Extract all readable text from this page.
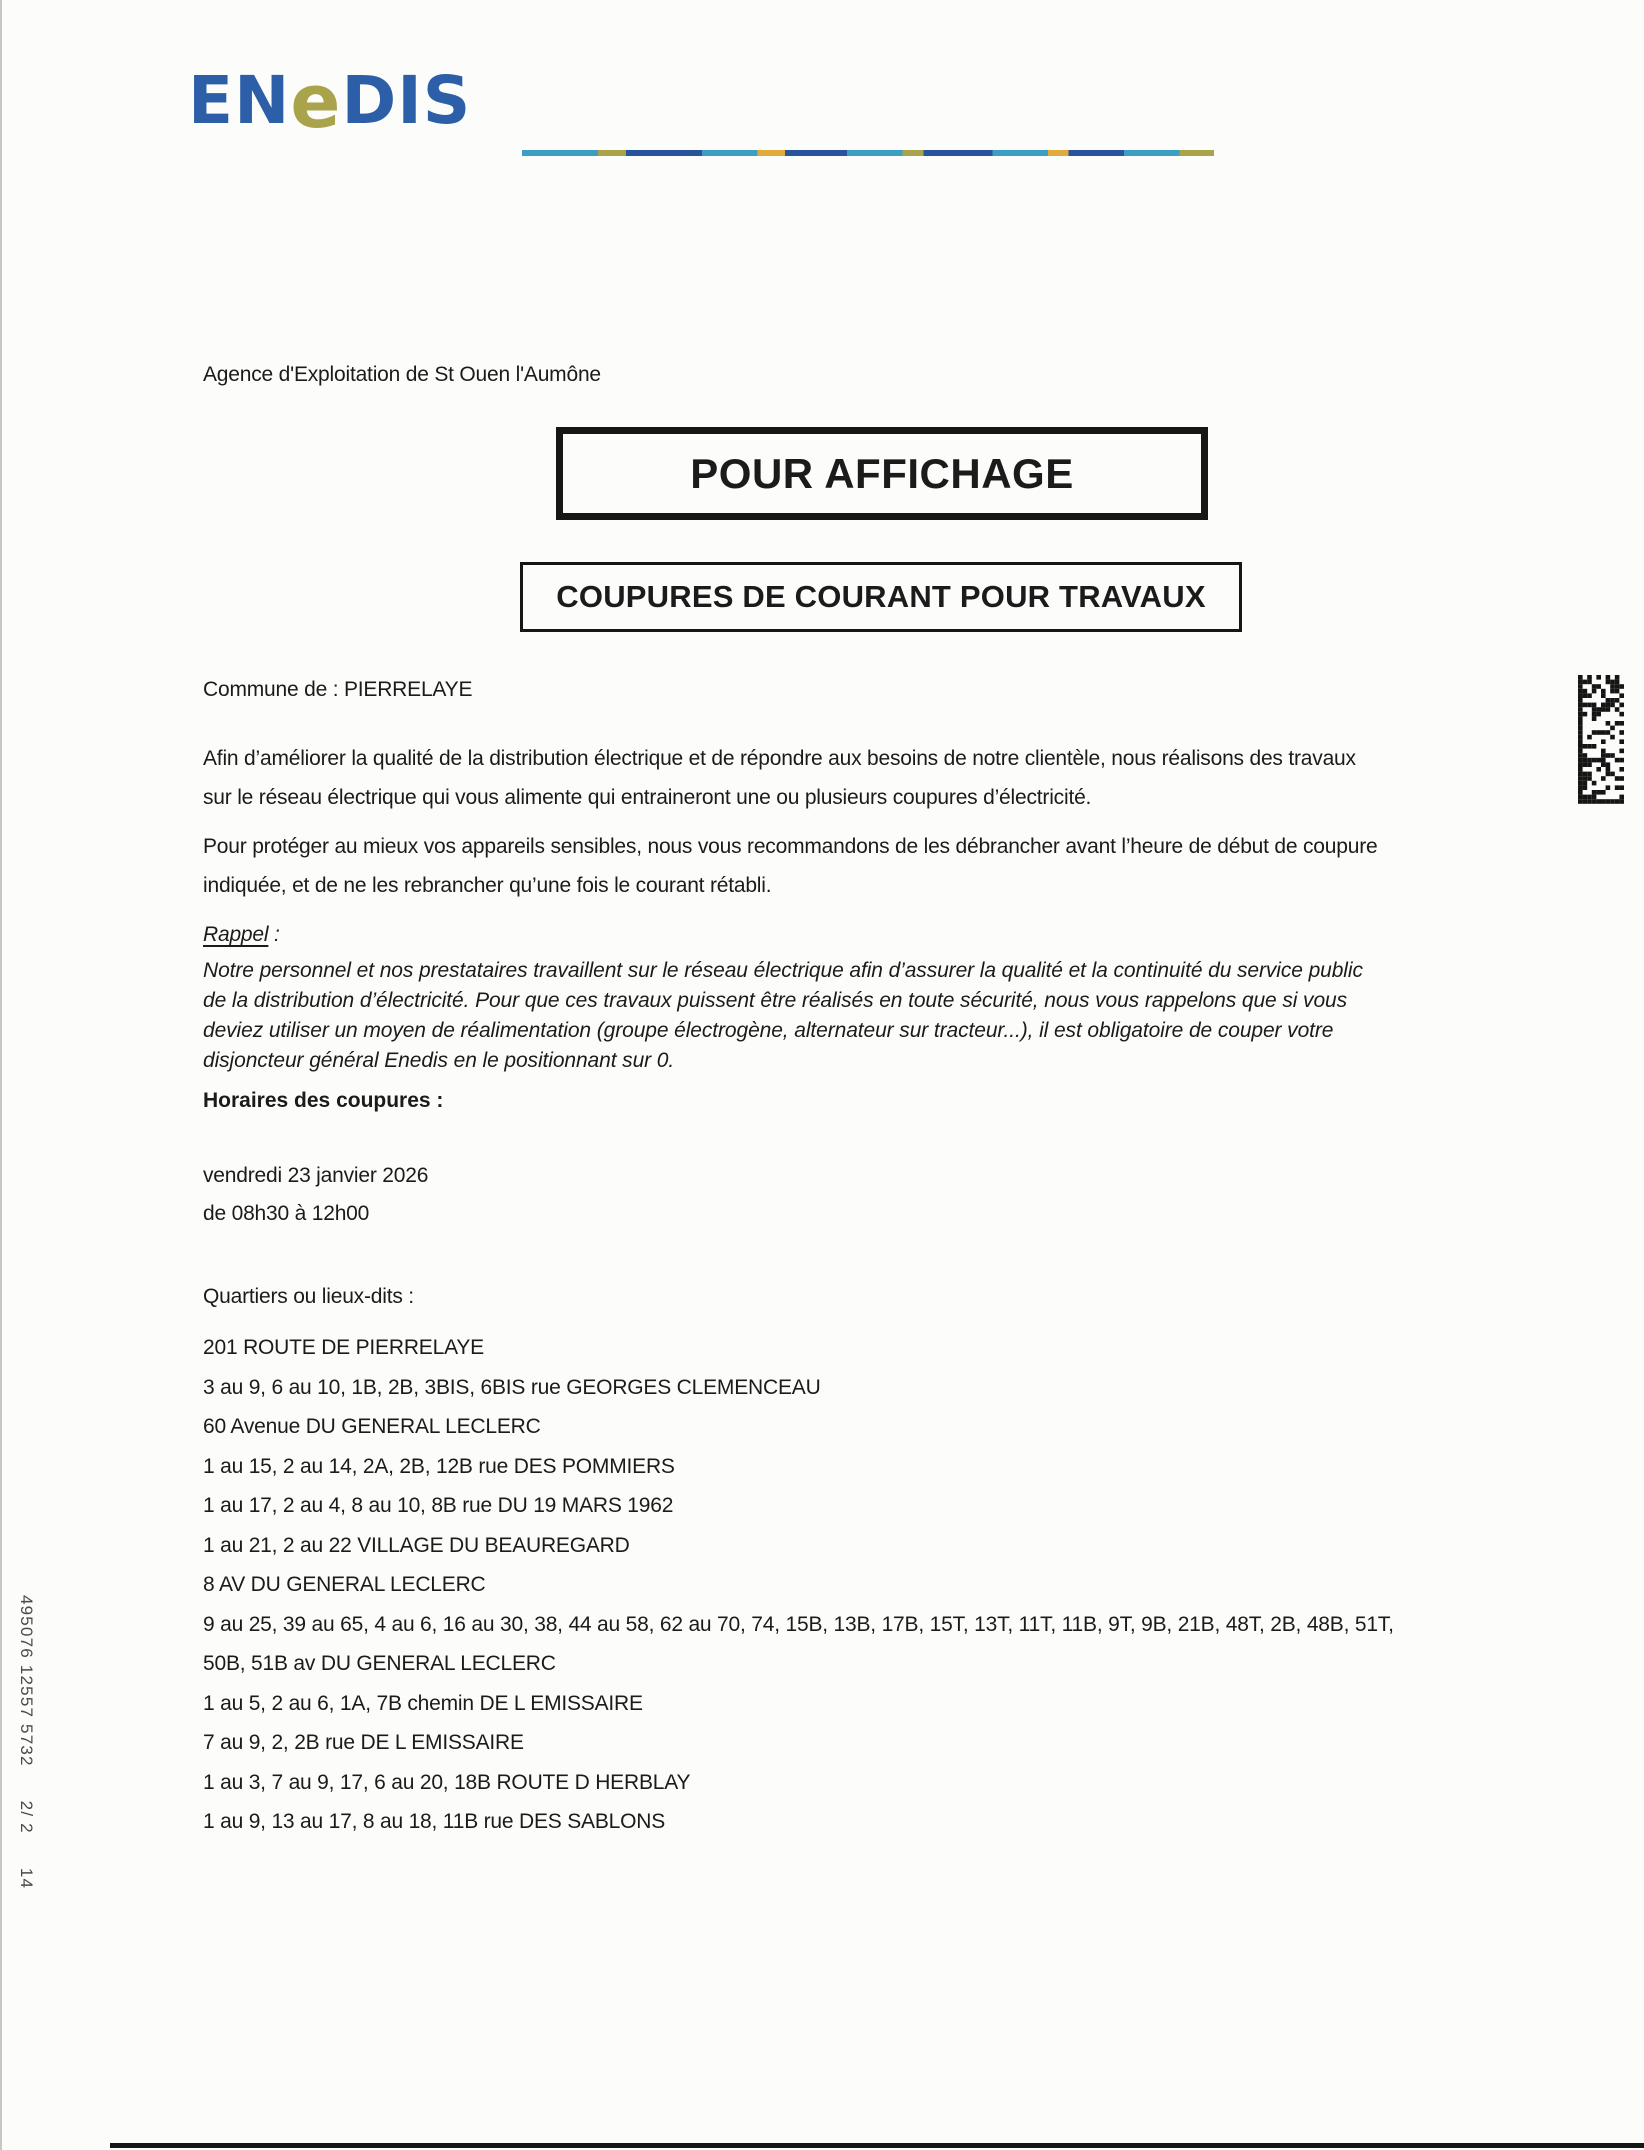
EN e DIS
Agence d'Exploitation de St Ouen l'Aumône
POUR AFFICHAGE
COUPURES DE COURANT POUR TRAVAUX
Commune de : PIERRELAYE
Afin d’améliorer la qualité de la distribution électrique et de répondre aux besoins de notre clientèle, nous réalisons des travaux
sur le réseau électrique qui vous alimente qui entraineront une ou plusieurs coupures d’électricité.
Pour protéger au mieux vos appareils sensibles, nous vous recommandons de les débrancher avant l’heure de début de coupure
indiquée, et de ne les rebrancher qu’une fois le courant rétabli.
Rappel :
Notre personnel et nos prestataires travaillent sur le réseau électrique afin d’assurer la qualité et la continuité du service public
de la distribution d’électricité. Pour que ces travaux puissent être réalisés en toute sécurité, nous vous rappelons que si vous
deviez utiliser un moyen de réalimentation (groupe électrogène, alternateur sur tracteur...), il est obligatoire de couper votre
disjoncteur général Enedis en le positionnant sur 0.
Horaires des coupures :
vendredi 23 janvier 2026
de 08h30 à 12h00
Quartiers ou lieux-dits :
201 ROUTE DE PIERRELAYE
3 au 9, 6 au 10, 1B, 2B, 3BIS, 6BIS rue GEORGES CLEMENCEAU
60 Avenue DU GENERAL LECLERC
1 au 15, 2 au 14, 2A, 2B, 12B rue DES POMMIERS
1 au 17, 2 au 4, 8 au 10, 8B rue DU 19 MARS 1962
1 au 21, 2 au 22 VILLAGE DU BEAUREGARD
8 AV DU GENERAL LECLERC
9 au 25, 39 au 65, 4 au 6, 16 au 30, 38, 44 au 58, 62 au 70, 74, 15B, 13B, 17B, 15T, 13T, 11T, 11B, 9T, 9B, 21B, 48T, 2B, 48B, 51T,
50B, 51B av DU GENERAL LECLERC
1 au 5, 2 au 6, 1A, 7B chemin DE L EMISSAIRE
7 au 9, 2, 2B rue DE L EMISSAIRE
1 au 3, 7 au 9, 17, 6 au 20, 18B ROUTE D HERBLAY
1 au 9, 13 au 17, 8 au 18, 11B rue DES SABLONS
495076 12557 57322/ 214
